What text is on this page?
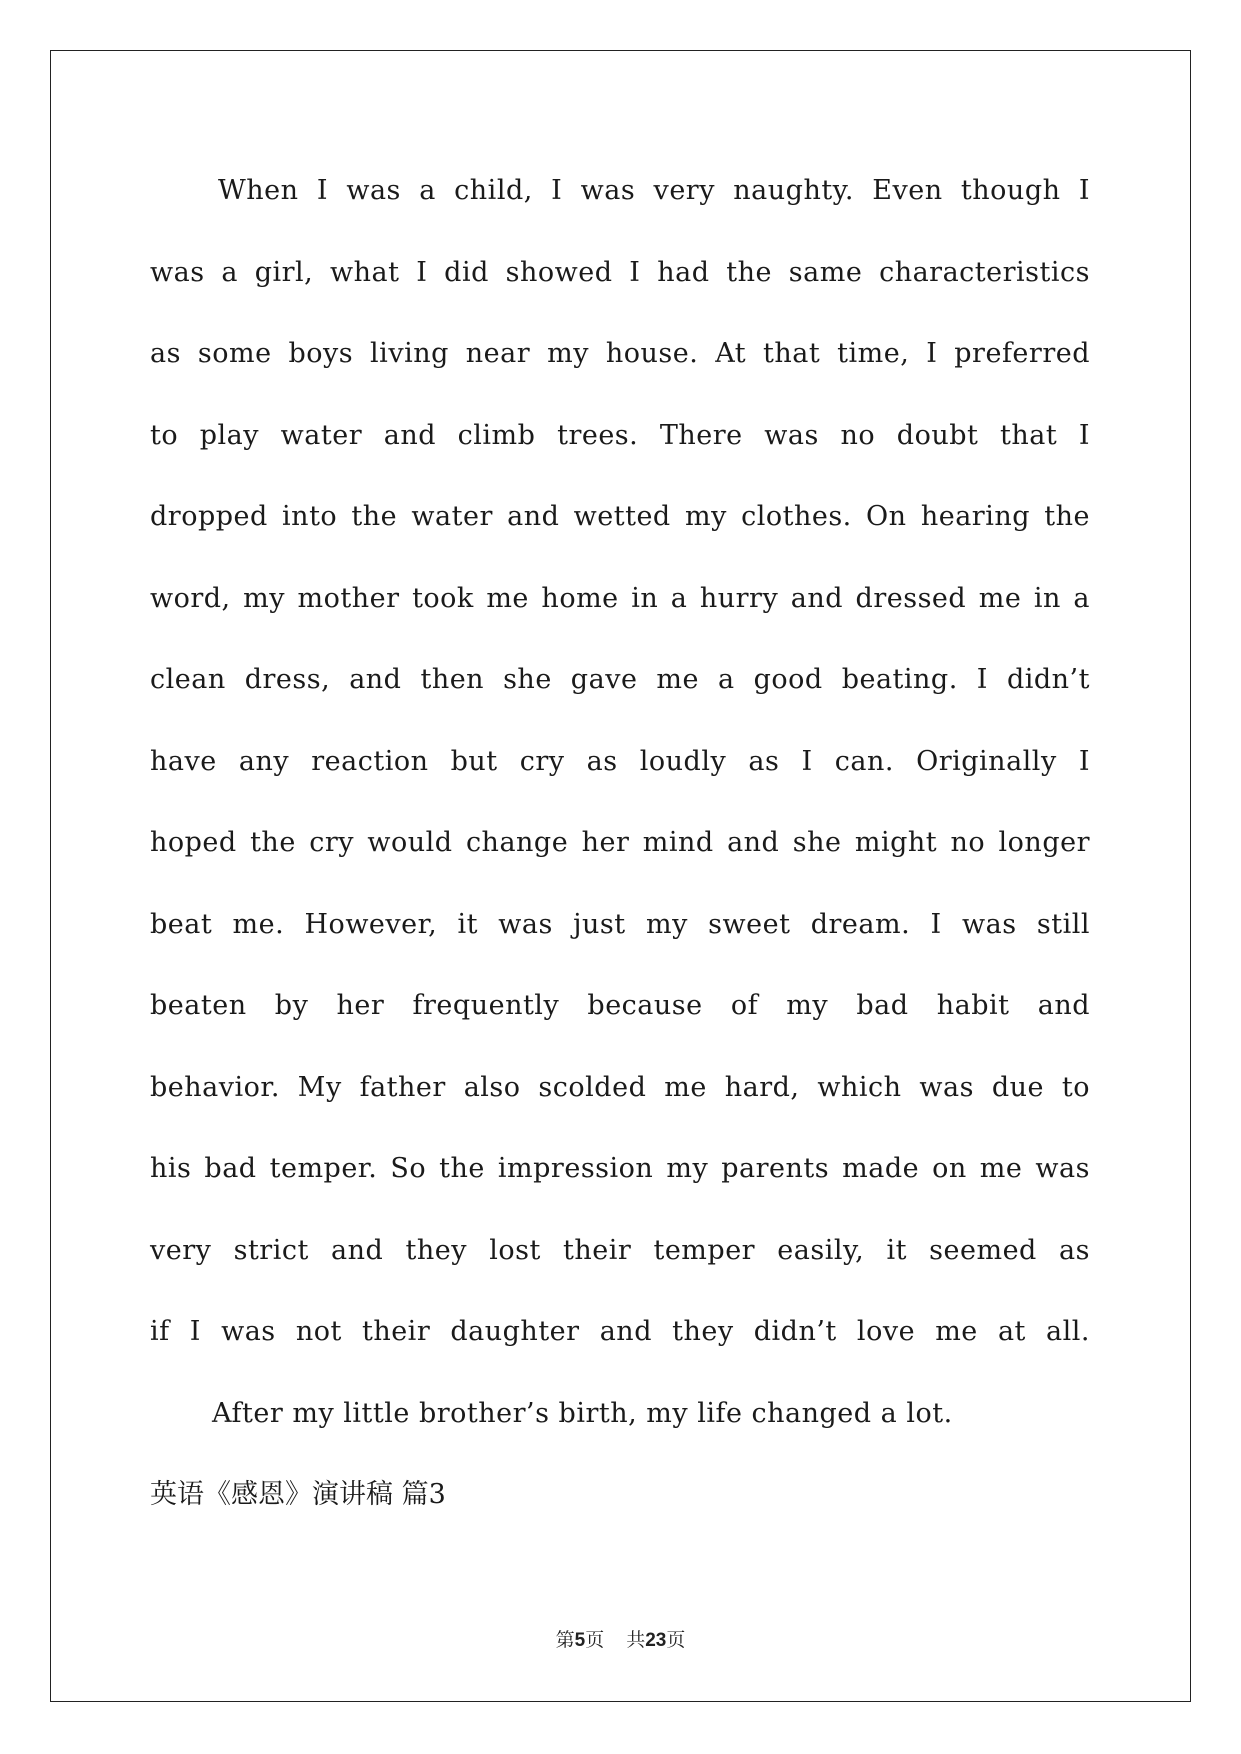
When I was a child, I was very naughty. Even though I
was a girl, what I did showed I had the same characteristics
as some boys living near my house. At that time, I preferred
to play water and climb trees. There was no doubt that I
dropped into the water and wetted my clothes. On hearing the
word, my mother took me home in a hurry and dressed me in a
clean dress, and then she gave me a good beating. I didn’t
have any reaction but cry as loudly as I can. Originally I
hoped the cry would change her mind and she might no longer
beat me. However, it was just my sweet dream. I was still
beaten by her frequently because of my bad habit and
behavior. My father also scolded me hard, which was due to
his bad temper. So the impression my parents made on me was
very strict and they lost their temper easily, it seemed as
if I was not their daughter and they didn’t love me at all.
After my little brother’s birth, my life changed a lot.
英语《感恩》演讲稿 篇3
第5页 共23页
